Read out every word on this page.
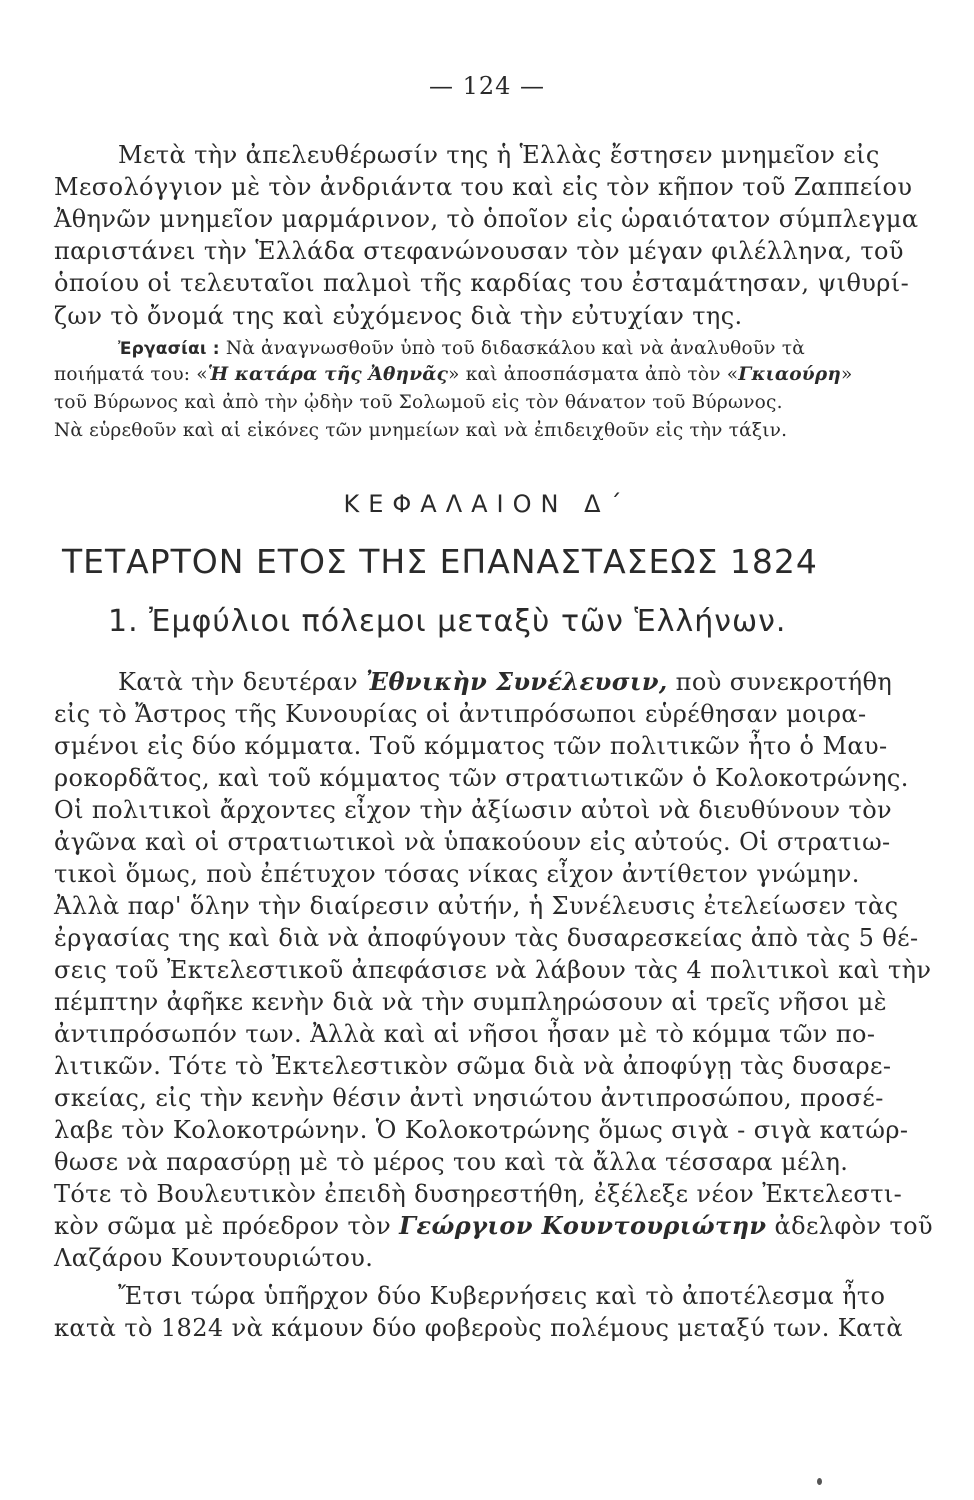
— 124 —
Μετὰ τὴν ἀπελευθέρωσίν της ἡ Ἑλλὰς ἔστησεν μνημεῖον εἰς
Μεσολόγγιον μὲ τὸν ἀνδριάντα του καὶ εἰς τὸν κῆπον τοῦ Ζαππείου
Ἀθηνῶν μνημεῖον μαρμάρινον, τὸ ὁποῖον εἰς ὡραιότατον σύμπλεγμα
παριστάνει τὴν Ἑλλάδα στεφανώνουσαν τὸν μέγαν φιλέλληνα, τοῦ
ὁποίου οἱ τελευταῖοι παλμοὶ τῆς καρδίας του ἐσταμάτησαν, ψιθυρί-
ζων τὸ ὄνομά της καὶ εὐχόμενος διὰ τὴν εὐτυχίαν της.
Ἐργασίαι : Νὰ ἀναγνωσθοῦν ὑπὸ τοῦ διδασκάλου καὶ νὰ ἀναλυθοῦν τὰ
ποιήματά του: «Ἡ κατάρα τῆς Ἀθηνᾶς» καὶ ἀποσπάσματα ἀπὸ τὸν «Γκιαούρη»
τοῦ Βύρωνος καὶ ἀπὸ τὴν ᾠδὴν τοῦ Σολωμοῦ εἰς τὸν θάνατον τοῦ Βύρωνος.
Νὰ εὑρεθοῦν καὶ αἱ εἰκόνες τῶν μνημείων καὶ νὰ ἐπιδειχθοῦν εἰς τὴν τάξιν.
ΚΕΦΑΛΑΙΟΝ Δ΄
ΤΕΤΑΡΤΟΝ ΕΤΟΣ ΤΗΣ ΕΠΑΝΑΣΤΑΣΕΩΣ 1824
1. Ἐμφύλιοι πόλεμοι μεταξὺ τῶν Ἑλλήνων.
Κατὰ τὴν δευτέραν Ἐθνικὴν Συνέλευσιν, ποὺ συνεκροτήθη
εἰς τὸ Ἄστρος τῆς Κυνουρίας οἱ ἀντιπρόσωποι εὑρέθησαν μοιρα-
σμένοι εἰς δύο κόμματα. Τοῦ κόμματος τῶν πολιτικῶν ἦτο ὁ Μαυ-
ροκορδᾶτος, καὶ τοῦ κόμματος τῶν στρατιωτικῶν ὁ Κολοκοτρώνης.
Οἱ πολιτικοὶ ἄρχοντες εἶχον τὴν ἀξίωσιν αὐτοὶ νὰ διευθύνουν τὸν
ἀγῶνα καὶ οἱ στρατιωτικοὶ νὰ ὑπακούουν εἰς αὐτούς. Οἱ στρατιω-
τικοὶ ὅμως, ποὺ ἐπέτυχον τόσας νίκας εἶχον ἀντίθετον γνώμην.
Ἀλλὰ παρ' ὅλην τὴν διαίρεσιν αὐτήν, ἡ Συνέλευσις ἐτελείωσεν τὰς
ἐργασίας της καὶ διὰ νὰ ἀποφύγουν τὰς δυσαρεσκείας ἀπὸ τὰς 5 θέ-
σεις τοῦ Ἐκτελεστικοῦ ἀπεφάσισε νὰ λάβουν τὰς 4 πολιτικοὶ καὶ τὴν
πέμπτην ἀφῆκε κενὴν διὰ νὰ τὴν συμπληρώσουν αἱ τρεῖς νῆσοι μὲ
ἀντιπρόσωπόν των. Ἀλλὰ καὶ αἱ νῆσοι ἦσαν μὲ τὸ κόμμα τῶν πο-
λιτικῶν. Τότε τὸ Ἐκτελεστικὸν σῶμα διὰ νὰ ἀποφύγῃ τὰς δυσαρε-
σκείας, εἰς τὴν κενὴν θέσιν ἀντὶ νησιώτου ἀντιπροσώπου, προσέ-
λαβε τὸν Κολοκοτρώνην. Ὁ Κολοκοτρώνης ὅμως σιγὰ - σιγὰ κατώρ-
θωσε νὰ παρασύρῃ μὲ τὸ μέρος του καὶ τὰ ἄλλα τέσσαρα μέλη.
Τότε τὸ Βουλευτικὸν ἐπειδὴ δυσηρεστήθη, ἐξέλεξε νέον Ἐκτελεστι-
κὸν σῶμα μὲ πρόεδρον τὸν Γεώργιον Κουντουριώτην ἀδελφὸν τοῦ
Λαζάρου Κουντουριώτου.
Ἔτσι τώρα ὑπῆρχον δύο Κυβερνήσεις καὶ τὸ ἀποτέλεσμα ἦτο
κατὰ τὸ 1824 νὰ κάμουν δύο φοβεροὺς πολέμους μεταξύ των. Κατὰ
